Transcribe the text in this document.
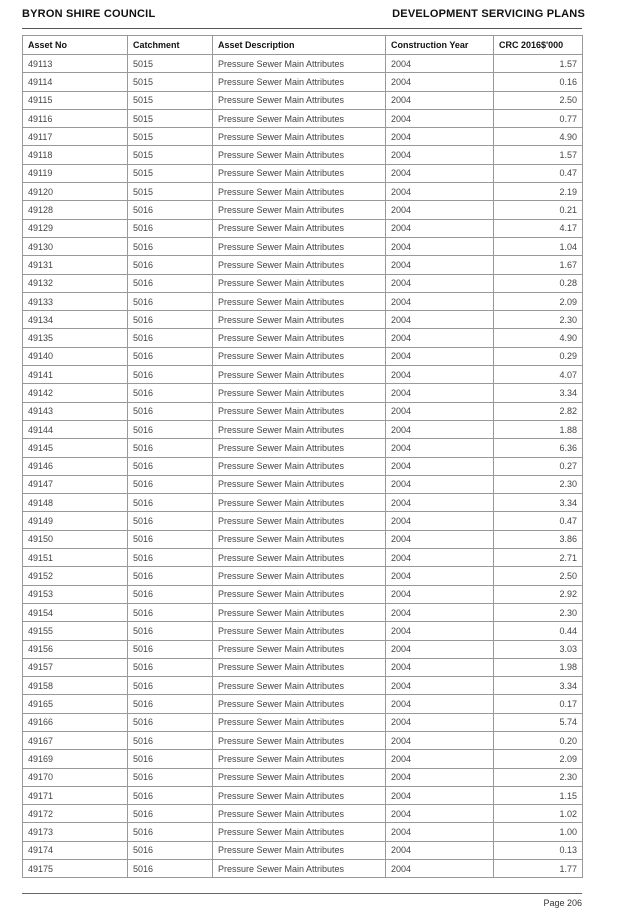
BYRON SHIRE COUNCIL	DEVELOPMENT SERVICING PLANS
Asset No	Catchment	Asset Description	Construction Year	CRC 2016$'000
49113	5015	Pressure Sewer Main Attributes	2004	1.57
49114	5015	Pressure Sewer Main Attributes	2004	0.16
49115	5015	Pressure Sewer Main Attributes	2004	2.50
49116	5015	Pressure Sewer Main Attributes	2004	0.77
49117	5015	Pressure Sewer Main Attributes	2004	4.90
49118	5015	Pressure Sewer Main Attributes	2004	1.57
49119	5015	Pressure Sewer Main Attributes	2004	0.47
49120	5015	Pressure Sewer Main Attributes	2004	2.19
49128	5016	Pressure Sewer Main Attributes	2004	0.21
49129	5016	Pressure Sewer Main Attributes	2004	4.17
49130	5016	Pressure Sewer Main Attributes	2004	1.04
49131	5016	Pressure Sewer Main Attributes	2004	1.67
49132	5016	Pressure Sewer Main Attributes	2004	0.28
49133	5016	Pressure Sewer Main Attributes	2004	2.09
49134	5016	Pressure Sewer Main Attributes	2004	2.30
49135	5016	Pressure Sewer Main Attributes	2004	4.90
49140	5016	Pressure Sewer Main Attributes	2004	0.29
49141	5016	Pressure Sewer Main Attributes	2004	4.07
49142	5016	Pressure Sewer Main Attributes	2004	3.34
49143	5016	Pressure Sewer Main Attributes	2004	2.82
49144	5016	Pressure Sewer Main Attributes	2004	1.88
49145	5016	Pressure Sewer Main Attributes	2004	6.36
49146	5016	Pressure Sewer Main Attributes	2004	0.27
49147	5016	Pressure Sewer Main Attributes	2004	2.30
49148	5016	Pressure Sewer Main Attributes	2004	3.34
49149	5016	Pressure Sewer Main Attributes	2004	0.47
49150	5016	Pressure Sewer Main Attributes	2004	3.86
49151	5016	Pressure Sewer Main Attributes	2004	2.71
49152	5016	Pressure Sewer Main Attributes	2004	2.50
49153	5016	Pressure Sewer Main Attributes	2004	2.92
49154	5016	Pressure Sewer Main Attributes	2004	2.30
49155	5016	Pressure Sewer Main Attributes	2004	0.44
49156	5016	Pressure Sewer Main Attributes	2004	3.03
49157	5016	Pressure Sewer Main Attributes	2004	1.98
49158	5016	Pressure Sewer Main Attributes	2004	3.34
49165	5016	Pressure Sewer Main Attributes	2004	0.17
49166	5016	Pressure Sewer Main Attributes	2004	5.74
49167	5016	Pressure Sewer Main Attributes	2004	0.20
49169	5016	Pressure Sewer Main Attributes	2004	2.09
49170	5016	Pressure Sewer Main Attributes	2004	2.30
49171	5016	Pressure Sewer Main Attributes	2004	1.15
49172	5016	Pressure Sewer Main Attributes	2004	1.02
49173	5016	Pressure Sewer Main Attributes	2004	1.00
49174	5016	Pressure Sewer Main Attributes	2004	0.13
49175	5016	Pressure Sewer Main Attributes	2004	1.77
Page 206
